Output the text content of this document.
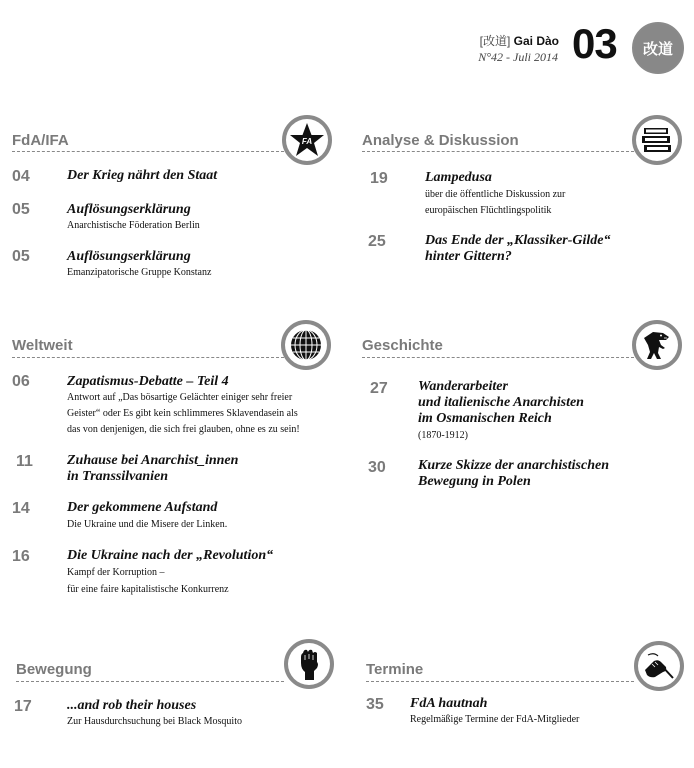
[改道] Gai Dào
N°42 - Juli 2014 03 改道
FdA/IFA	FA
04	Der Krieg nährt den Staat
05	Auflösungserklärung
Anarchistische Föderation Berlin
05	Auflösungserklärung
Emanzipatorische Gruppe Konstanz
Analyse & Diskussion
19	Lampedusa
über die öffentliche Diskussion zur
europäischen Flüchtlingspolitik
25	Das Ende der „Klassiker-Gilde“
hinter Gittern?
Weltweit
06	Zapatismus-Debatte – Teil 4
Antwort auf „Das bösartige Gelächter einiger sehr freier
Geister“ oder Es gibt kein schlimmeres Sklavendasein als
das von denjenigen, die sich frei glauben, ohne es zu sein!
11 Zuhause bei Anarchist_innen
in Transsilvanien
14	Der gekommene Aufstand
Die Ukraine und die Misere der Linken.
16	Die Ukraine nach der „Revolution“
Kampf der Korruption –
für eine faire kapitalistische Konkurrenz
Geschichte
27 Wanderarbeiter
und italienische Anarchisten
im Osmanischen Reich
(1870-1912)
30 Kurze Skizze der anarchistischen
Bewegung in Polen
Bewegung
17	...and rob their houses
Zur Hausdurchsuchung bei Black Mosquito
Termine
35 FdA hautnah
Regelmäßige Termine der FdA-Mitglieder
